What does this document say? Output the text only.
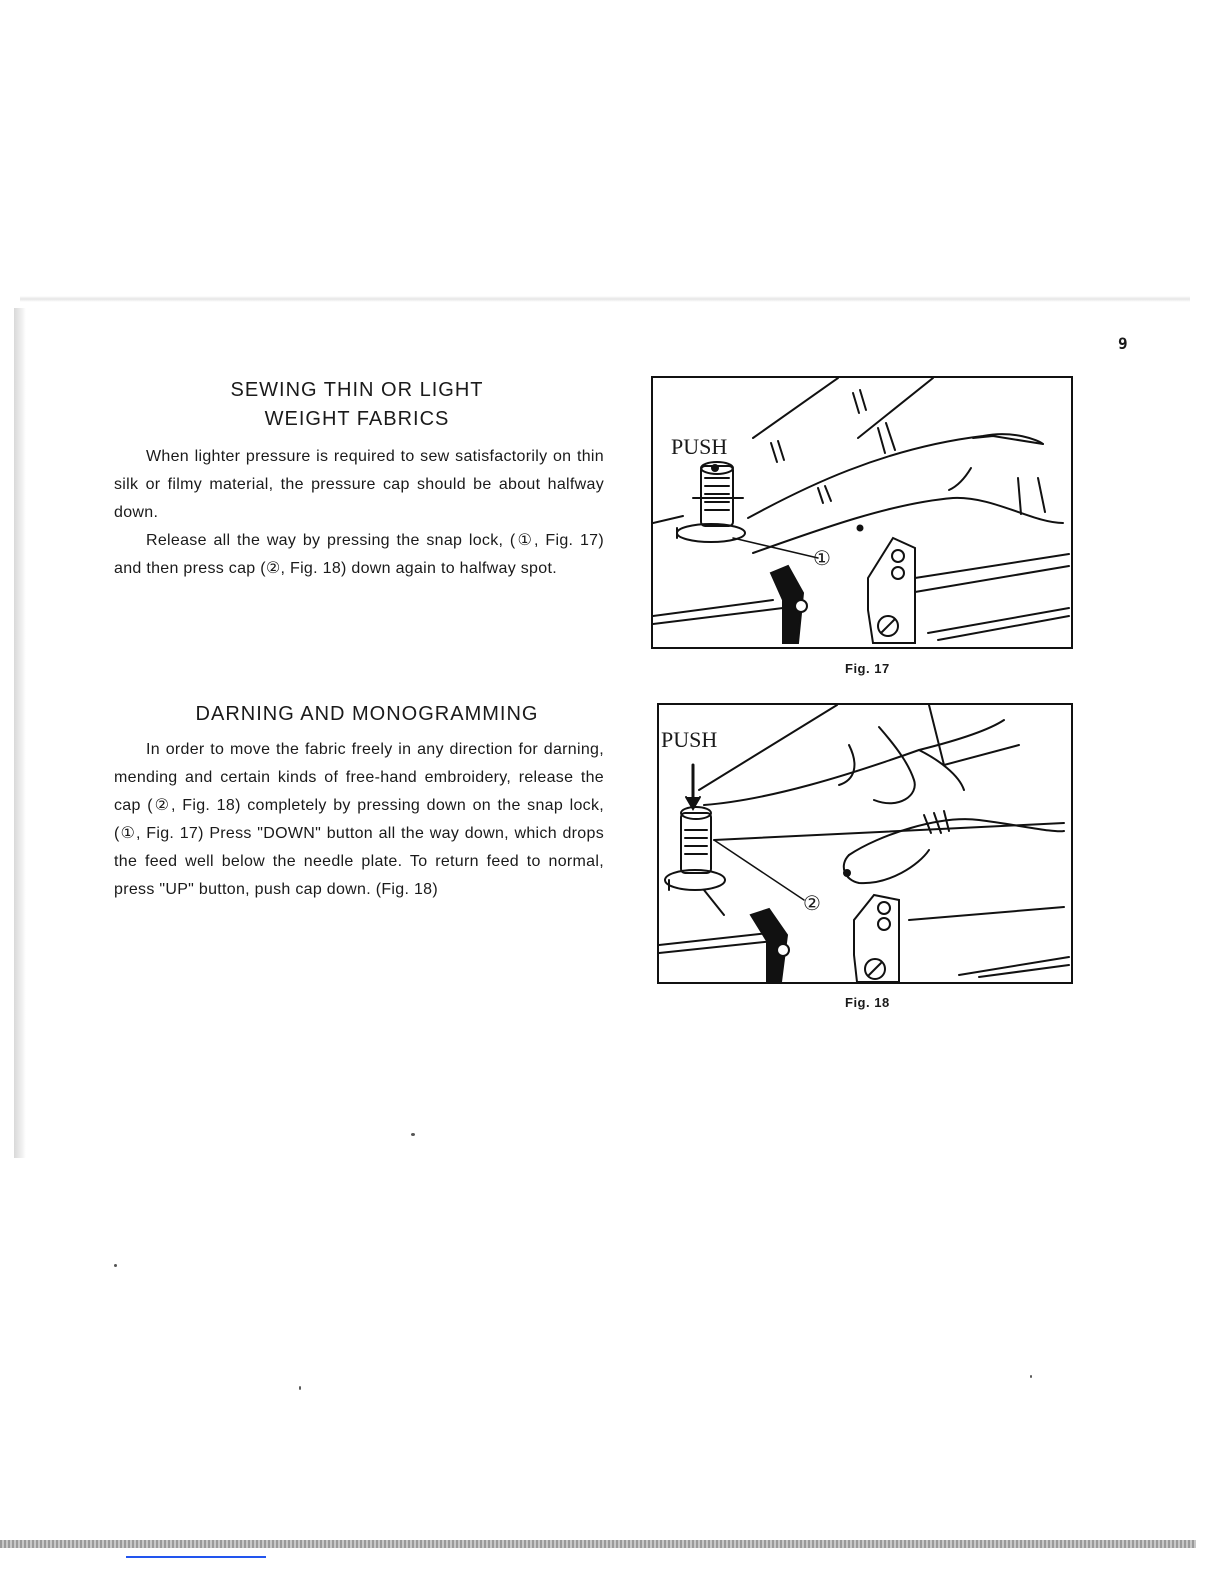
9
SEWING THIN OR LIGHT
WEIGHT FABRICS

When lighter pressure is required to sew satisfactorily on thin silk or filmy material, the pressure cap should be about halfway down.

Release all the way by pressing the snap lock, (①, Fig. 17) and then press cap (②, Fig. 18) down again to halfway spot.

DARNING AND MONOGRAMMING

In order to move the fabric freely in any direction for darning, mending and certain kinds of free-hand embroidery, release the cap (②, Fig. 18) completely by pressing down on the snap lock, (①, Fig. 17) Press "DOWN" button all the way down, which drops the feed well below the needle plate. To return feed to normal, press "UP" button, push cap down. (Fig. 18)

PUSH
①
Fig. 17
PUSH
②
Fig. 18
